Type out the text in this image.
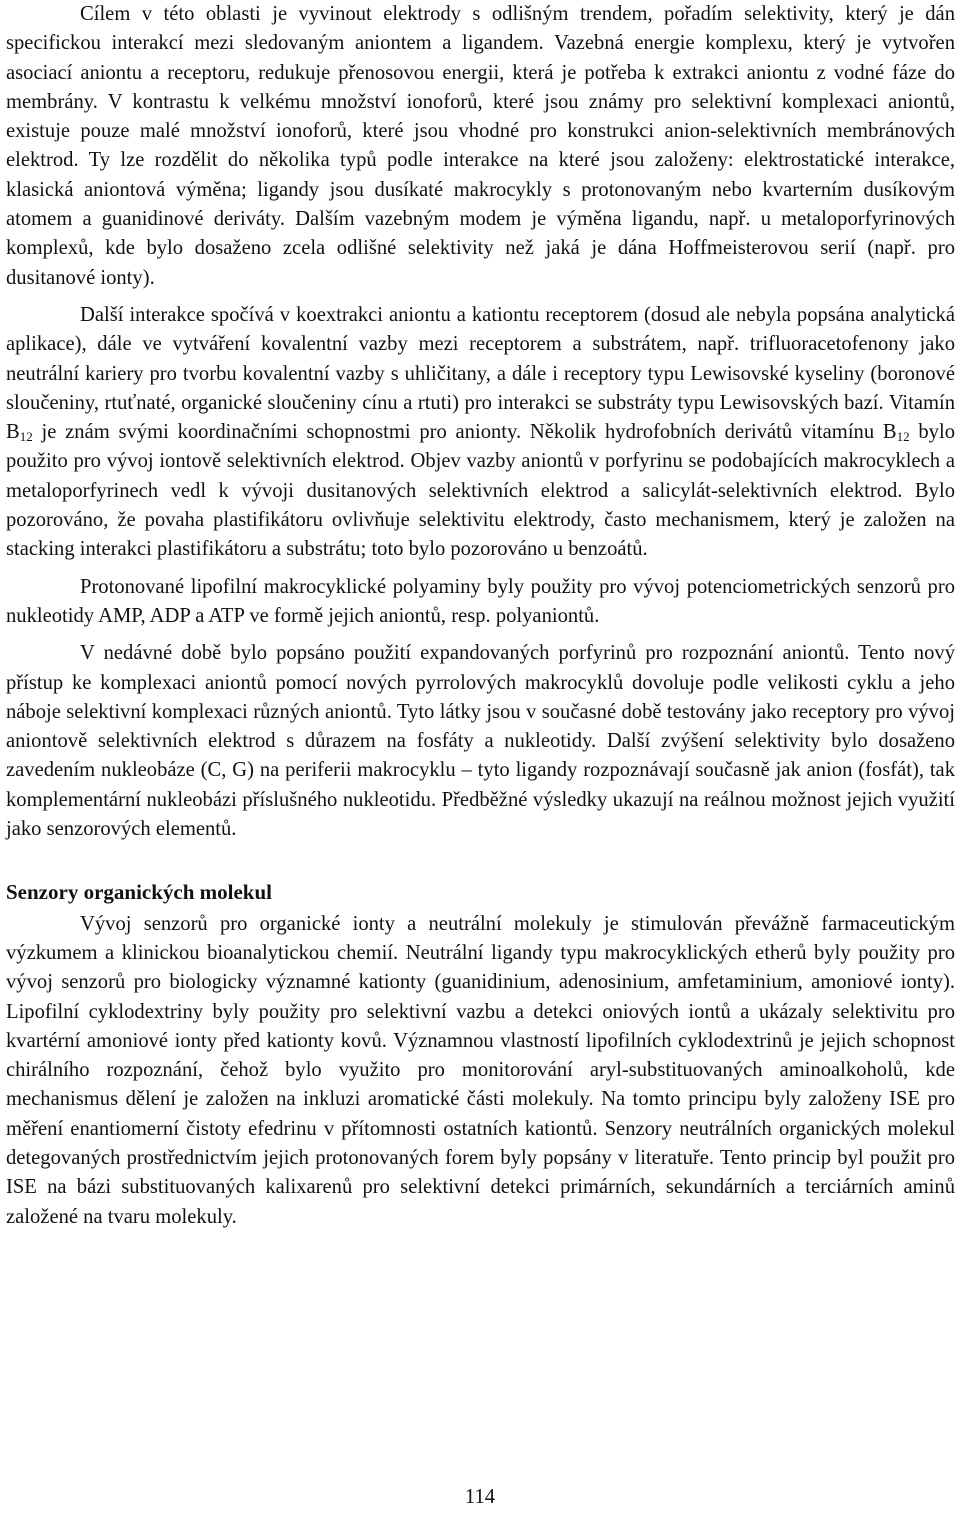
Cílem v této oblasti je vyvinout elektrody s odlišným trendem, pořadím selektivity, který je dán specifickou interakcí mezi sledovaným aniontem a ligandem. Vazebná energie komplexu, který je vytvořen asociací aniontu a receptoru, redukuje přenosovou energii, která je potřeba k extrakci aniontu z vodné fáze do membrány. V kontrastu k velkému množství ionoforů, které jsou známy pro selektivní komplexaci aniontů, existuje pouze malé množství ionoforů, které jsou vhodné pro konstrukci anion-selektivních membránových elektrod. Ty lze rozdělit do několika typů podle interakce na které jsou založeny: elektrostatické interakce, klasická aniontová výměna; ligandy jsou dusíkaté makrocykly s protonovaným nebo kvarterním dusíkovým atomem a guanidinové deriváty. Dalším vazebným modem je výměna ligandu, např. u metaloporfyrinových komplexů, kde bylo dosaženo zcela odlišné selektivity než jaká je dána Hoffmeisterovou serií (např. pro dusitanové ionty).

Další interakce spočívá v koextrakci aniontu a kationtu receptorem (dosud ale nebyla popsána analytická aplikace), dále ve vytváření kovalentní vazby mezi receptorem a substrátem, např. trifluoracetofenony jako neutrální kariery pro tvorbu kovalentní vazby s uhličitany, a dále i receptory typu Lewisovské kyseliny (boronové sloučeniny, rtuťnaté, organické sloučeniny cínu a rtuti) pro interakci se substráty typu Lewisovských bazí. Vitamín $B_{12}$ je znám svými koordinačními schopnostmi pro anionty. Několik hydrofobních derivátů vitamínu $B_{12}$ bylo použito pro vývoj iontově selektivních elektrod. Objev vazby aniontů v porfyrinu se podobajících makrocyklech a metaloporfyrinech vedl k vývoji dusitanových selektivních elektrod a salicylát-selektivních elektrod. Bylo pozorováno, že povaha plastifikátoru ovlivňuje selektivitu elektrody, často mechanismem, který je založen na stacking interakci plastifikátoru a substrátu; toto bylo pozorováno u benzoátů.

Protonované lipofilní makrocyklické polyaminy byly použity pro vývoj potenciometrických senzorů pro nukleotidy AMP, ADP a ATP ve formě jejich aniontů, resp. polyaniontů.

V nedávné době bylo popsáno použití expandovaných porfyrinů pro rozpoznání aniontů. Tento nový přístup ke komplexaci aniontů pomocí nových pyrrolových makrocyklů dovoluje podle velikosti cyklu a jeho náboje selektivní komplexaci různých aniontů. Tyto látky jsou v současné době testovány jako receptory pro vývoj aniontově selektivních elektrod s důrazem na fosfáty a nukleotidy. Další zvýšení selektivity bylo dosaženo zavedením nukleobáze (C, G) na periferii makrocyklu – tyto ligandy rozpoznávají současně jak anion (fosfát), tak komplementární nukleobázi příslušného nukleotidu. Předběžné výsledky ukazují na reálnou možnost jejich využití jako senzorových elementů.

Senzory organických molekul

Vývoj senzorů pro organické ionty a neutrální molekuly je stimulován převážně farmaceutickým výzkumem a klinickou bioanalytickou chemií. Neutrální ligandy typu makrocyklických etherů byly použity pro vývoj senzorů pro biologicky významné kationty (guanidinium, adenosinium, amfetaminium, amoniové ionty). Lipofilní cyklodextriny byly použity pro selektivní vazbu a detekci oniových iontů a ukázaly selektivitu pro kvartérní amoniové ionty před kationty kovů. Významnou vlastností lipofilních cyklodextrinů je jejich schopnost chirálního rozpoznání, čehož bylo využito pro monitorování aryl-substituovaných aminoalkoholů, kde mechanismus dělení je založen na inkluzi aromatické části molekuly. Na tomto principu byly založeny ISE pro měření enantiomerní čistoty efedrinu v přítomnosti ostatních kationtů. Senzory neutrálních organických molekul detegovaných prostřednictvím jejich protonovaných forem byly popsány v literatuře. Tento princip byl použit pro ISE na bázi substituovaných kalixarenů pro selektivní detekci primárních, sekundárních a terciárních aminů založené na tvaru molekuly.

114
